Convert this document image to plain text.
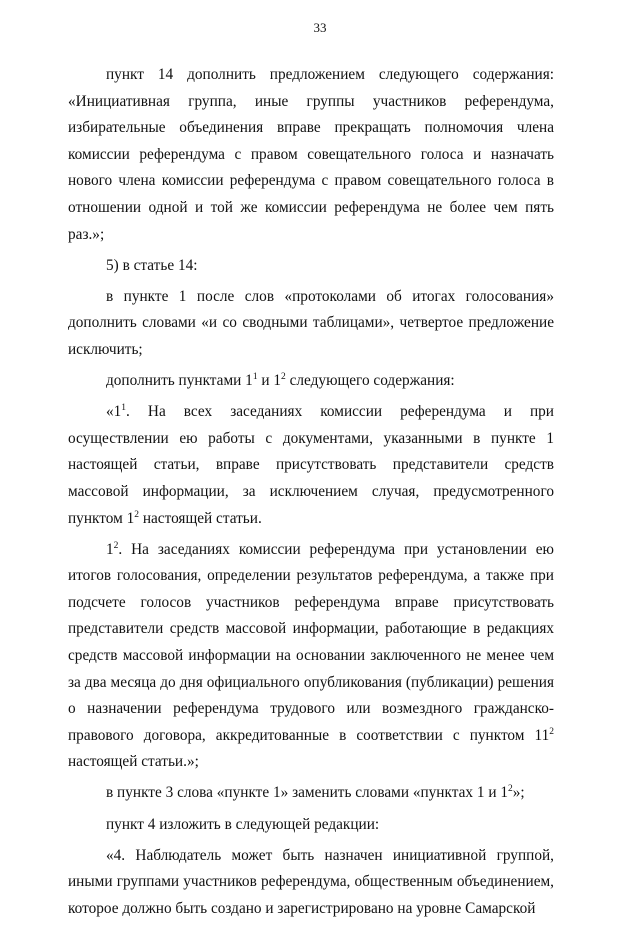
33

пункт 14 дополнить предложением следующего содержания: «Инициативная группа, иные группы участников референдума, избирательные объединения вправе прекращать полномочия члена комиссии референдума с правом совещательного голоса и назначать нового члена комиссии референдума с правом совещательного голоса в отношении одной и той же комиссии референдума не более чем пять раз.»;

5) в статье 14:

в пункте 1 после слов «протоколами об итогах голосования» дополнить словами «и со сводными таблицами», четвертое предложение исключить;

дополнить пунктами $1^1$ и $1^2$ следующего содержания:

«$1^1$. На всех заседаниях комиссии референдума и при осуществлении ею работы с документами, указанными в пункте 1 настоящей статьи, вправе присутствовать представители средств массовой информации, за исключением случая, предусмотренного пунктом $1^2$ настоящей статьи.

$1^2$. На заседаниях комиссии референдума при установлении ею итогов голосования, определении результатов референдума, а также при подсчете голосов участников референдума вправе присутствовать представители средств массовой информации, работающие в редакциях средств массовой информации на основании заключенного не менее чем за два месяца до дня официального опубликования (публикации) решения о назначении референдума трудового или возмездного гражданско-правового договора, аккредитованные в соответствии с пунктом $11^2$ настоящей статьи.»;

в пункте 3 слова «пункте 1» заменить словами «пунктах 1 и $1^2$»;

пункт 4 изложить в следующей редакции:

«4. Наблюдатель может быть назначен инициативной группой, иными группами участников референдума, общественным объединением, которое должно быть создано и зарегистрировано на уровне Самарской
